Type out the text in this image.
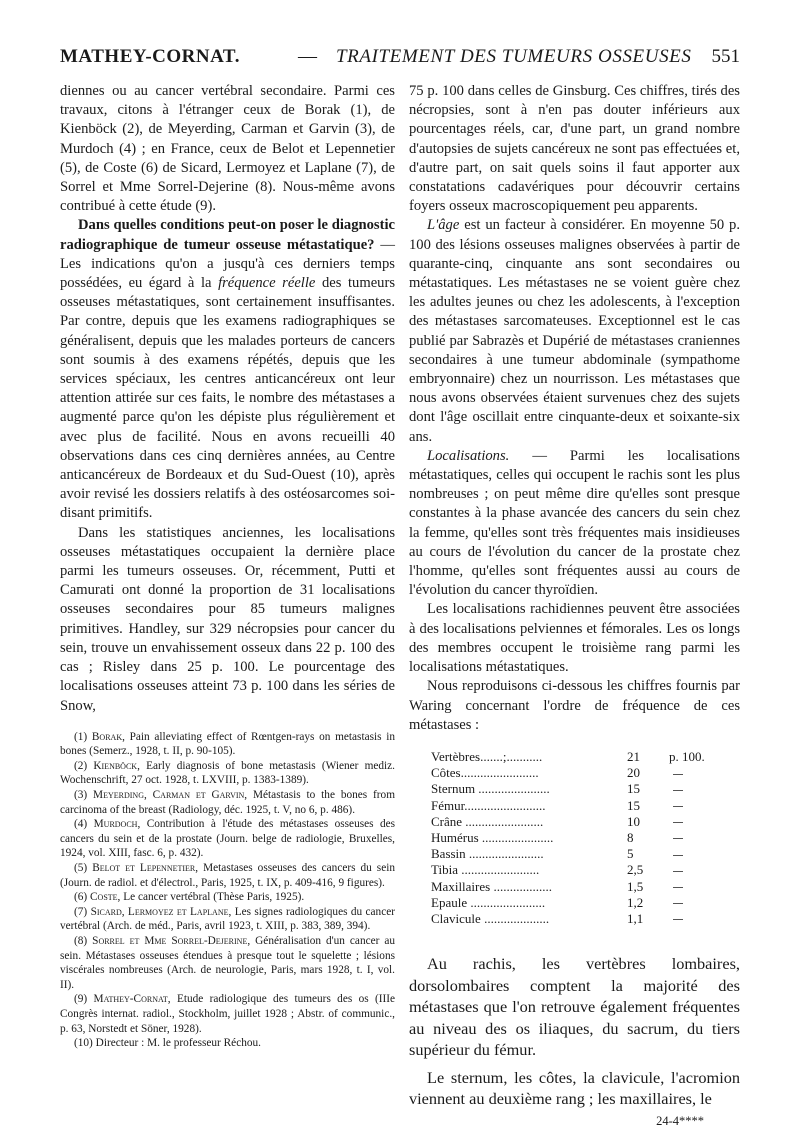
MATHEY-CORNAT.	— TRAITEMENT DES TUMEURS OSSEUSES 551

diennes ou au cancer vertébral secondaire. Parmi ces travaux, citons à l'étranger ceux de Borak (1), de Kienböck (2), de Meyerding, Carman et Garvin (3), de Murdoch (4) ; en France, ceux de Belot et Lepennetier (5), de Coste (6) de Sicard, Lermoyez et Laplane (7), de Sorrel et Mme Sorrel-Dejerine (8). Nous-même avons contribué à cette étude (9).

Dans quelles conditions peut-on poser le diagnostic radiographique de tumeur osseuse métastatique? — Les indications qu'on a jusqu'à ces derniers temps possédées, eu égard à la fréquence réelle des tumeurs osseuses métastatiques, sont certainement insuffisantes. Par contre, depuis que les examens radiographiques se généralisent, depuis que les malades porteurs de cancers sont soumis à des examens répétés, depuis que les services spéciaux, les centres anticancéreux ont leur attention attirée sur ces faits, le nombre des métastases a augmenté parce qu'on les dépiste plus régulièrement et avec plus de facilité. Nous en avons recueilli 40 observations dans ces cinq dernières années, au Centre anticancéreux de Bordeaux et du Sud-Ouest (10), après avoir revisé les dossiers relatifs à des ostéosarcomes soi-disant primitifs.

Dans les statistiques anciennes, les localisations osseuses métastatiques occupaient la dernière place parmi les tumeurs osseuses. Or, récemment, Putti et Camurati ont donné la proportion de 31 localisations osseuses secondaires pour 85 tumeurs malignes primitives. Handley, sur 329 nécropsies pour cancer du sein, trouve un envahissement osseux dans 22 p. 100 des cas ; Risley dans 25 p. 100. Le pourcentage des localisations osseuses atteint 73 p. 100 dans les séries de Snow,

(1) Borak, Pain alleviating effect of Rœntgen-rays on metastasis in bones (Semerz., 1928, t. II, p. 90-105).

(2) Kienböck, Early diagnosis of bone metastasis (Wiener mediz. Wochenschrift, 27 oct. 1928, t. LXVIII, p. 1383-1389).

(3) Meyerding, Carman et Garvin, Métastasis to the bones from carcinoma of the breast (Radiology, déc. 1925, t. V, no 6, p. 486).

(4) Murdoch, Contribution à l'étude des métastases osseuses des cancers du sein et de la prostate (Journ. belge de radiologie, Bruxelles, 1924, vol. XIII, fasc. 6, p. 432).

(5) Belot et Lepennetier, Metastases osseuses des cancers du sein (Journ. de radiol. et d'électrol., Paris, 1925, t. IX, p. 409-416, 9 figures).

(6) Coste, Le cancer vertébral (Thèse Paris, 1925).

(7) Sicard, Lermoyez et Laplane, Les signes radiologiques du cancer vertébral (Arch. de méd., Paris, avril 1923, t. XIII, p. 383, 389, 394).

(8) Sorrel et Mme Sorrel-Dejerine, Généralisation d'un cancer au sein. Métastases osseuses étendues à presque tout le squelette ; lésions viscérales nombreuses (Arch. de neurologie, Paris, mars 1928, t. I, vol. II).

(9) Mathey-Cornat, Etude radiologique des tumeurs des os (IIIe Congrès internat. radiol., Stockholm, juillet 1928 ; Abstr. of communic., p. 63, Norstedt et Söner, 1928).

(10) Directeur : M. le professeur Réchou.

75 p. 100 dans celles de Ginsburg. Ces chiffres, tirés des nécropsies, sont à n'en pas douter inférieurs aux pourcentages réels, car, d'une part, un grand nombre d'autopsies de sujets cancéreux ne sont pas effectuées et, d'autre part, on sait quels soins il faut apporter aux constatations cadavériques pour découvrir certains foyers osseux macroscopiquement peu apparents.

L'âge est un facteur à considérer. En moyenne 50 p. 100 des lésions osseuses malignes observées à partir de quarante-cinq, cinquante ans sont secondaires ou métastatiques. Les métastases ne se voient guère chez les adultes jeunes ou chez les adolescents, à l'exception des métastases sarcomateuses. Exceptionnel est le cas publié par Sabrazès et Dupérié de métastases craniennes secondaires à une tumeur abdominale (sympathome embryonnaire) chez un nourrisson. Les métastases que nous avons observées étaient survenues chez des sujets dont l'âge oscillait entre cinquante-deux et soixante-six ans.

Localisations. — Parmi les localisations métastatiques, celles qui occupent le rachis sont les plus nombreuses ; on peut même dire qu'elles sont presque constantes à la phase avancée des cancers du sein chez la femme, qu'elles sont très fréquentes mais insidieuses au cours de l'évolution du cancer de la prostate chez l'homme, qu'elles sont fréquentes aussi au cours de l'évolution du cancer thyroïdien.

Les localisations rachidiennes peuvent être associées à des localisations pelviennes et fémorales. Les os longs des membres occupent le troisième rang parmi les localisations métastatiques.

Nous reproduisons ci-dessous les chiffres fournis par Waring concernant l'ordre de fréquence de ces métastases :

Vertèbres.......;...........	21	p. 100.
Côtes........................	20	
Sternum ......................	15	
Fémur.........................	15	
Crâne ........................	10	
Humérus ......................	8	
Bassin .......................	5	
Tibia ........................	2,5	
Maxillaires ..................	1,5	
Epaule .......................	1,2	
Clavicule ....................	1,1	

Au rachis, les vertèbres lombaires, dorsolombaires comptent la majorité des métastases que l'on retrouve également fréquentes au niveau des os iliaques, du sacrum, du tiers supérieur du fémur.

Le sternum, les côtes, la clavicule, l'acromion viennent au deuxième rang ; les maxillaires, le

24-4****
